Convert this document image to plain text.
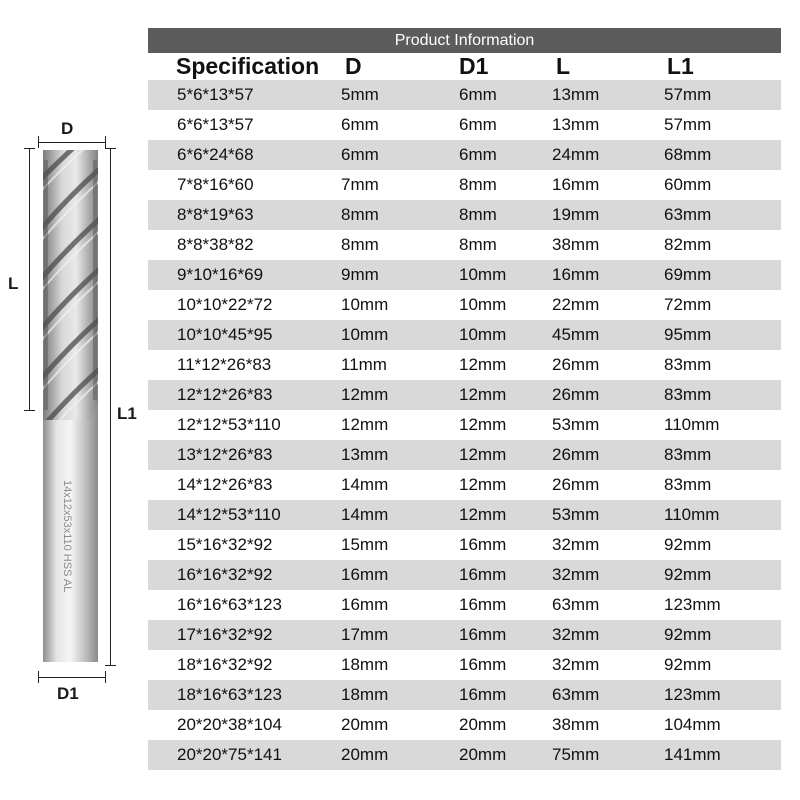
D
L
L1
D1
14x12x53x110 HSS AL
Product Information
Specification	D	D1	L	L1
5*6*13*57	5mm	6mm	13mm	57mm
6*6*13*57	6mm	6mm	13mm	57mm
6*6*24*68	6mm	6mm	24mm	68mm
7*8*16*60	7mm	8mm	16mm	60mm
8*8*19*63	8mm	8mm	19mm	63mm
8*8*38*82	8mm	8mm	38mm	82mm
9*10*16*69	9mm	10mm	16mm	69mm
10*10*22*72	10mm	10mm	22mm	72mm
10*10*45*95	10mm	10mm	45mm	95mm
11*12*26*83	11mm	12mm	26mm	83mm
12*12*26*83	12mm	12mm	26mm	83mm
12*12*53*110	12mm	12mm	53mm	110mm
13*12*26*83	13mm	12mm	26mm	83mm
14*12*26*83	14mm	12mm	26mm	83mm
14*12*53*110	14mm	12mm	53mm	110mm
15*16*32*92	15mm	16mm	32mm	92mm
16*16*32*92	16mm	16mm	32mm	92mm
16*16*63*123	16mm	16mm	63mm	123mm
17*16*32*92	17mm	16mm	32mm	92mm
18*16*32*92	18mm	16mm	32mm	92mm
18*16*63*123	18mm	16mm	63mm	123mm
20*20*38*104	20mm	20mm	38mm	104mm
20*20*75*141	20mm	20mm	75mm	141mm
